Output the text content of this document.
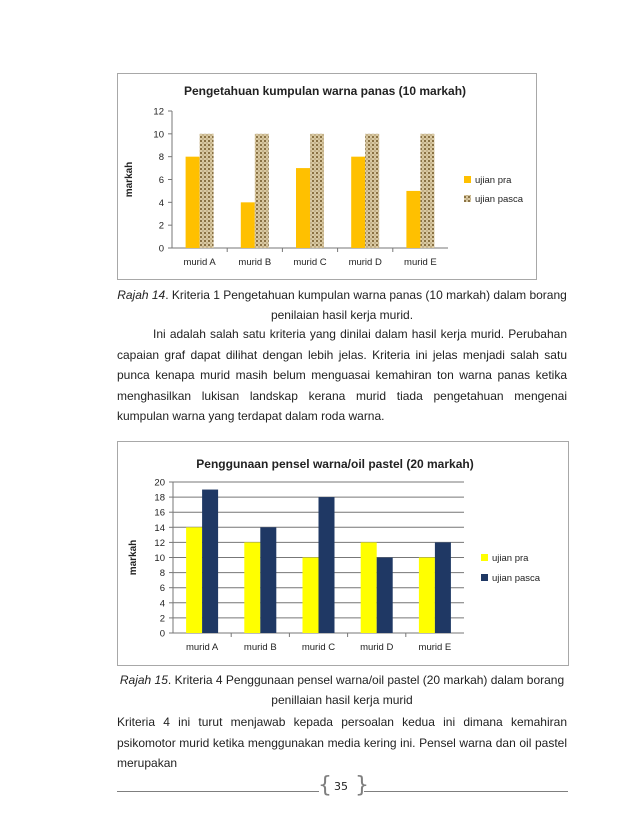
Pengetahuan kumpulan warna panas (10 markah)
markah
0
2
4
6
8
10
12
murid A murid B murid C murid D murid E
ujian pra
ujian pasca
Rajah 14. Kriteria 1 Pengetahuan kumpulan warna panas (10 markah) dalam borang
penilaian hasil kerja murid.
Ini adalah salah satu kriteria yang dinilai dalam hasil kerja murid. Perubahan capaian graf dapat dilihat dengan lebih jelas. Kriteria ini jelas menjadi salah satu punca kenapa murid masih belum menguasai kemahiran ton warna panas ketika menghasilkan lukisan landskap kerana murid tiada pengetahuan mengenai kumpulan warna yang terdapat dalam roda warna.
Penggunaan pensel warna/oil pastel (20 markah)
markah
0
2
4
6
8
10
12
14
16
18
20
murid A	murid B	murid C	murid D	murid E
ujian pra
ujian pasca
Rajah 15. Kriteria 4 Penggunaan pensel warna/oil pastel (20 markah) dalam borang
penillaian hasil kerja murid
Kriteria 4 ini turut menjawab kepada persoalan kedua ini dimana kemahiran psikomotor murid ketika menggunakan media kering ini. Pensel warna dan oil pastel merupakan
{ }
35
